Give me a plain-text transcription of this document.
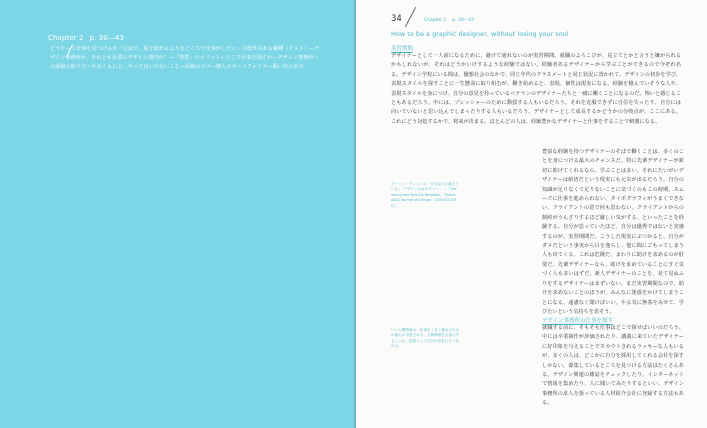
Chapter 2 p. 30—43
どうやって仕事を見つけるか「自由で、夏を取れるようなところで仕事がしたい」可能性のある職種（リスト）—デザイン事務所か、それとも企業のデザイン部門か？—「資質」のメリット—どこで仕事を探すか—デザイン事務所への面接の取り方—やみくもにと、やってはいけないこと—面接のコツ—個人のポートフォリオ—願い出の本音
34	Chapter 2 p. 30—43
How to be a graphic designer, without losing your soul
実習期間
デザイナーとして一人前になるために、避けて通れないのが実習期間。就職のよろこびが、見立てとかと言うと嫌がられるかもしれないが、それはどうかいけするような経験ではない。経験者あるデザイナーから学ぶことができるので今ぞれ名る。デザイン学校にいる間は、優想社会のなかで、同じ年代のクラスメートと同じ状況に置かれて、デザインの初歩を学び、表現スタイルを探すことに一生懸命に取り組むが、働き始めると、表現、個性は現実になる。経験を積んでいそうな人や、表現スタイルを身につけ、自分の意見を持っているベテランのデザイナーたちと一緒に働くことになるのだ。怖いと感じることもあるだろう。中には、プレッシャーのために動揺する人もいるだろう。それを克服できずに自信を失ったり、自分には向いていないと思い込んでしまったりする人もいるだろう。デザイナーとして成長するかどうかの分岐点が、ここにある。これにどう対処するかで、将来が決まる。ほとんどの人は、経験豊かなデザイナーと仕事をすることで刺激になる。
豊富な経験を持つデザイナーのそばで働くことは、多くのことを身につける最大のチャンスだ。特に先輩デザイナーが新切に助けてくれるなら、学ぶことは多い。それにたいがいデザイナーは新切だという現実にも元気が出るだろう。自分の知識が足りなくて足りないことに気づくのもこの時期。スムーズに仕事を進められない、タイポグラフィがうまくできない、クライアントの意で何も思わない。クライアントからの制約がうんざりするほど厳しい気がする、といったことを経験する。自分が思っていたほど、自分は優秀ではないと実感するのが、実習期間だ。こうした現実にぶつかると、自分がダメだという事実から目を逸らし、他に間にごもってしまう人も出てくる。これは危険だ。まわりに助けを求めるのが肝要だ。先輩デザイナーなら、助けを求めていることにすぐ気づく人も多いはずだ。新人デザイナーのことを、見て見ぬふりをするデザイナーはまずいない。まだ実習期間なので、助けを求めないことのほうが、みんなに迷惑をかけてしまうことになる。遠慮なく聞けばいい。やる気に無茶をみせて、学びたいという気持ちを表そう。
アーミン・ヴィットの「自分は穴に落ちている」「デザインはカルチャー」…「The Young and Hot Six Realities」（Voice: AIGA Journal of Design・2004年5月6日）
いい人間関係は、仕事をうまく進めるための最大の手段である。人間関係を大切にすることが、結果として自分の成長にもつながる。
デザイン事務所の仕事を探す
就職する前に、そもそも仕事はどこで探せばいいのだろう。中には卒業制作が評価されたり、講義に来ていたデザイナーに好印象を与えることでスカウトされるラッキーな人もいるが、多くの人は、どこかに自分を採用してくれる会社を探すしかない。募集しているところを見つける方法はたくさんある。デザイン関連の雑誌をチェックしたり、インターネットで情報を集めたり、人に聞いてみたりするといい。デザイン事務所の求人を扱っている人材紹介会社に登録する方法もある。
